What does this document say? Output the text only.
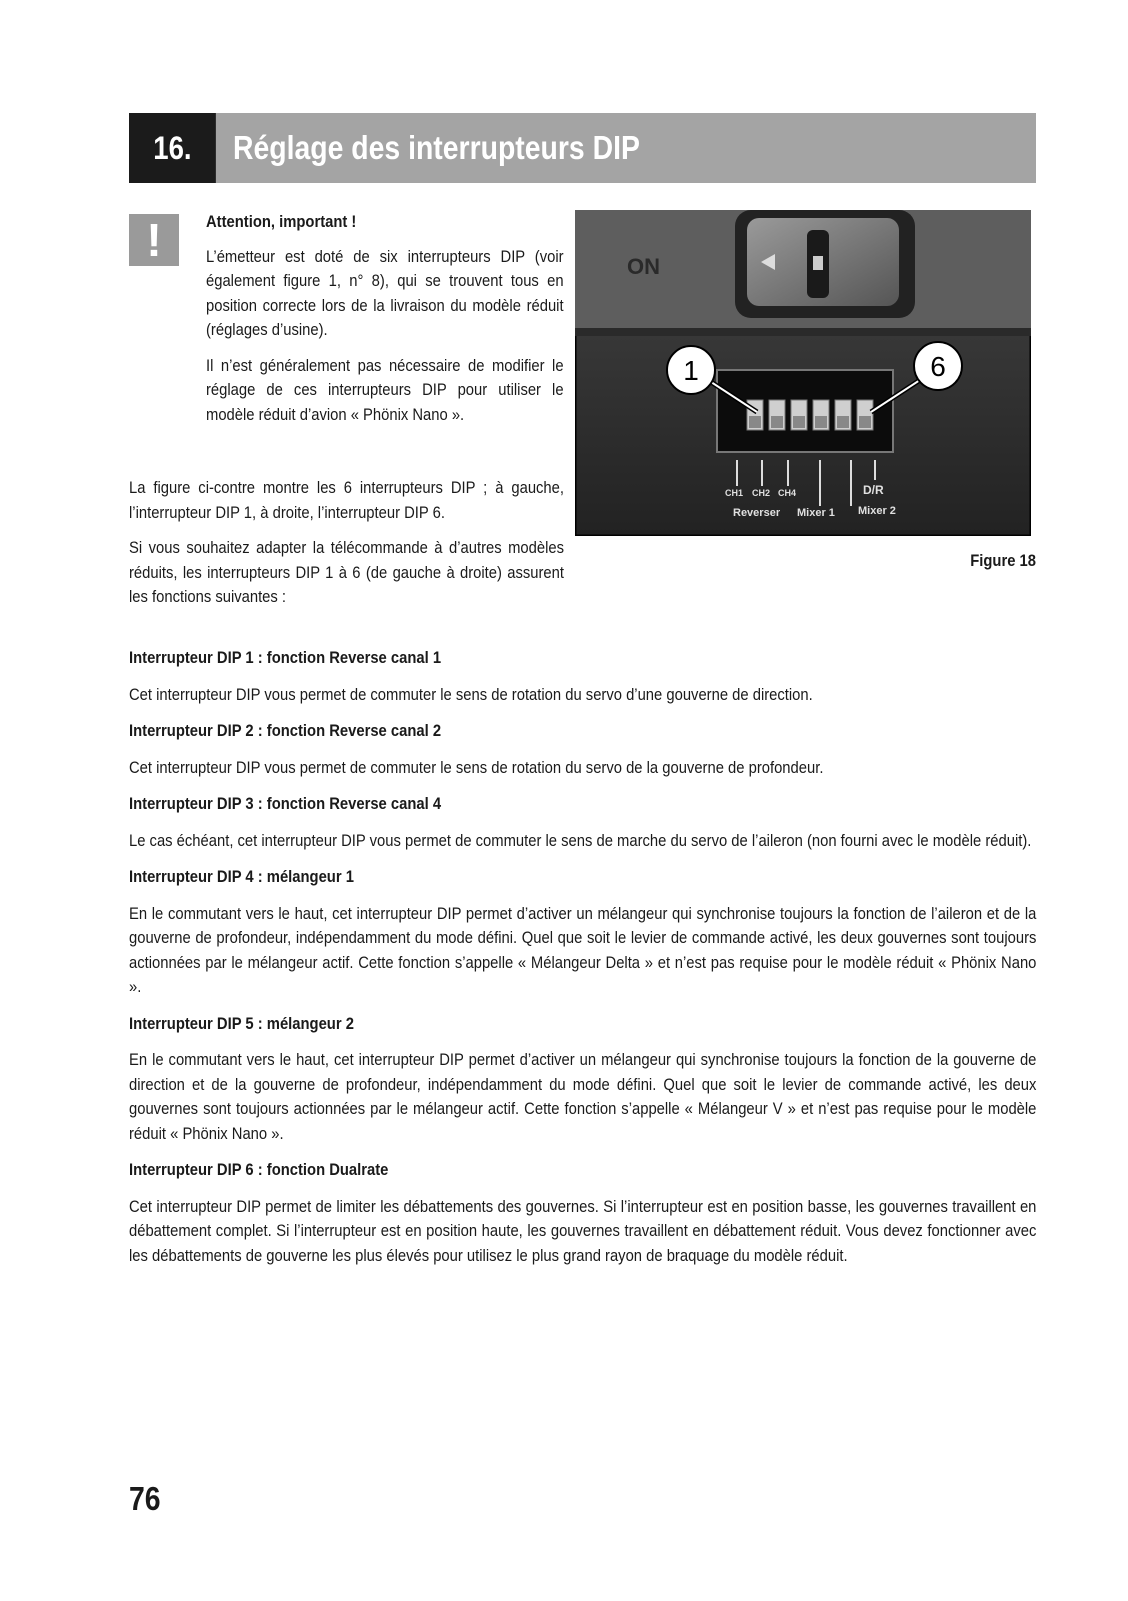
16.	Réglage des interrupteurs DIP
!	Attention, important !

L’émetteur est doté de six interrupteurs DIP (voir également figure 1, n° 8), qui se trouvent tous en position correcte lors de la livraison du modèle réduit (réglages d’usine).

Il n’est généralement pas nécessaire de modifier le réglage de ces interrupteurs DIP pour utiliser le modèle réduit d’avion « Phönix Nano ».

La figure ci-contre montre les 6 interrupteurs DIP ; à gauche, l’interrupteur DIP 1, à droite, l’interrupteur DIP 6.

Si vous souhaitez adapter la télécommande à d’autres modèles réduits, les interrupteurs DIP 1 à 6 (de gauche à droite) assurent les fonctions suivantes :

ON
1	6
CH1 CH2 CH4	D/R
Reverser Mixer 1 Mixer 2
Figure 18

Interrupteur DIP 1 : fonction Reverse canal 1

Cet interrupteur DIP vous permet de commuter le sens de rotation du servo d’une gouverne de direction.

Interrupteur DIP 2 : fonction Reverse canal 2

Cet interrupteur DIP vous permet de commuter le sens de rotation du servo de la gouverne de profondeur.

Interrupteur DIP 3 : fonction Reverse canal 4

Le cas échéant, cet interrupteur DIP vous permet de commuter le sens de marche du servo de l’aileron (non fourni avec le modèle réduit).

Interrupteur DIP 4 : mélangeur 1

En le commutant vers le haut, cet interrupteur DIP permet d’activer un mélangeur qui synchronise toujours la fonction de l’aileron et de la gouverne de profondeur, indépendamment du mode défini. Quel que soit le levier de commande activé, les deux gouvernes sont toujours actionnées par le mélangeur actif. Cette fonction s’appelle « Mélangeur Delta » et n’est pas requise pour le modèle réduit « Phönix Nano ».

Interrupteur DIP 5 : mélangeur 2

En le commutant vers le haut, cet interrupteur DIP permet d’activer un mélangeur qui synchronise toujours la fonction de la gouverne de direction et de la gouverne de profondeur, indépendamment du mode défini. Quel que soit le levier de commande activé, les deux gouvernes sont toujours actionnées par le mélangeur actif. Cette fonction s’appelle « Mélangeur V » et n’est pas requise pour le modèle réduit « Phönix Nano ».

Interrupteur DIP 6 : fonction Dualrate

Cet interrupteur DIP permet de limiter les débattements des gouvernes. Si l’interrupteur est en position basse, les gouvernes travaillent en débattement complet. Si l’interrupteur est en position haute, les gouvernes travaillent en débattement réduit. Vous devez fonctionner avec les débattements de gouverne les plus élevés pour utilisez le plus grand rayon de braquage du modèle réduit.

76
